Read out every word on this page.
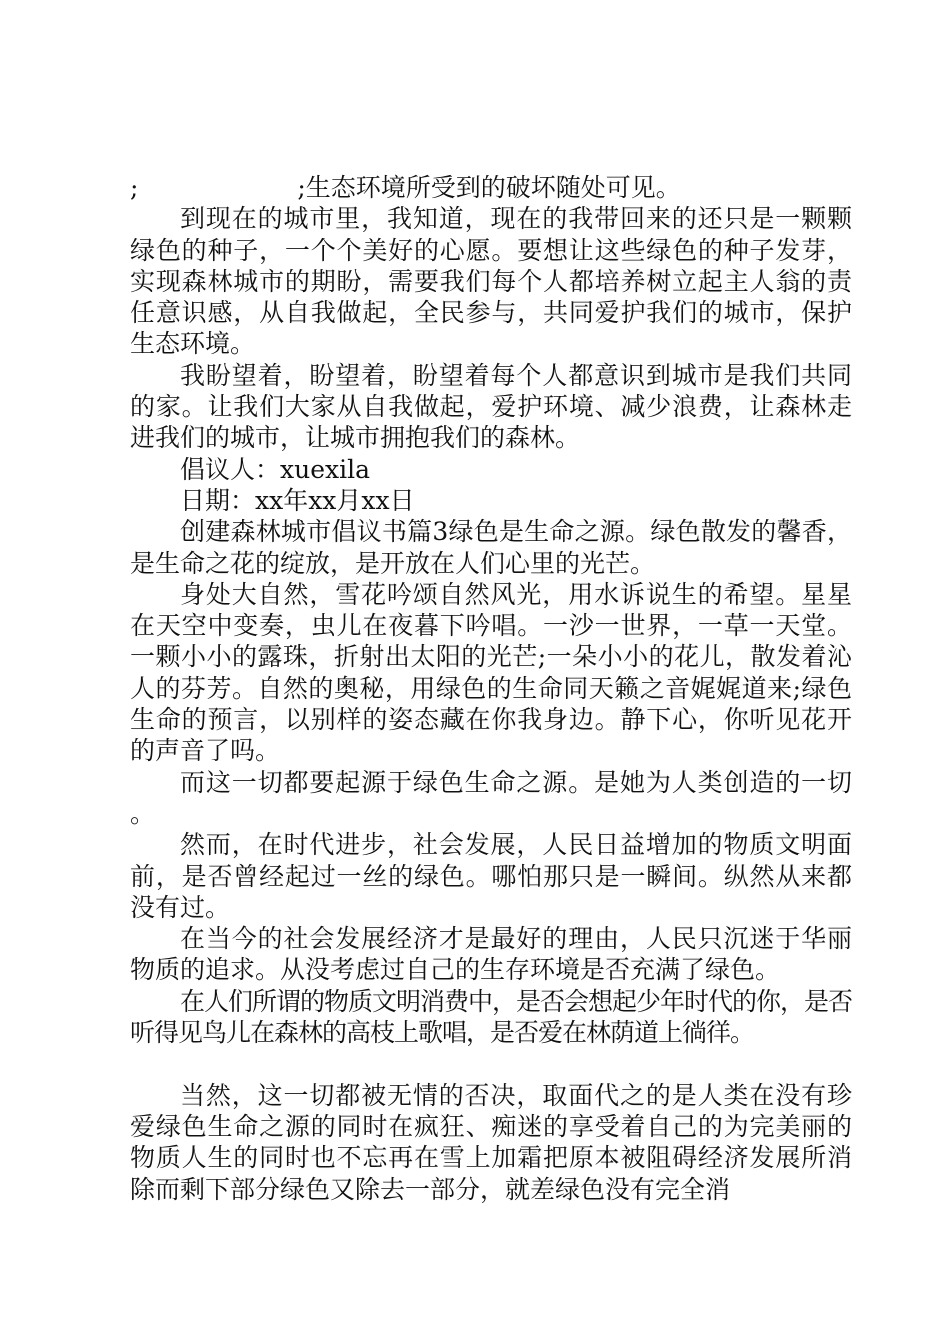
;                    ;生态环境所受到的破坏随处可见。
到现在的城市里，我知道，现在的我带回来的还只是一颗颗绿色的种子，一个个美好的心愿。要想让这些绿色的种子发芽，实现森林城市的期盼，需要我们每个人都培养树立起主人翁的责任意识感，从自我做起，全民参与，共同爱护我们的城市，保护生态环境。
我盼望着，盼望着，盼望着每个人都意识到城市是我们共同的家。让我们大家从自我做起，爱护环境、减少浪费，让森林走进我们的城市，让城市拥抱我们的森林。
倡议人：xuexila
日期：xx年xx月xx日
创建森林城市倡议书篇3绿色是生命之源。绿色散发的馨香，是生命之花的绽放，是开放在人们心里的光芒。
身处大自然，雪花吟颂自然风光，用水诉说生的希望。星星在天空中变奏，虫儿在夜暮下吟唱。一沙一世界，一草一天堂。一颗小小的露珠，折射出太阳的光芒;一朵小小的花儿，散发着沁人的芬芳。自然的奥秘，用绿色的生命同天籁之音娓娓道来;绿色生命的预言，以别样的姿态藏在你我身边。静下心，你听见花开的声音了吗。
而这一切都要起源于绿色生命之源。是她为人类创造的一切。
然而，在时代进步，社会发展，人民日益增加的物质文明面前，是否曾经起过一丝的绿色。哪怕那只是一瞬间。纵然从来都没有过。
在当今的社会发展经济才是最好的理由，人民只沉迷于华丽物质的追求。从没考虑过自己的生存环境是否充满了绿色。
在人们所谓的物质文明消费中，是否会想起少年时代的你，是否听得见鸟儿在森林的高枝上歌唱，是否爱在林荫道上徜徉。
当然，这一切都被无情的否决，取面代之的是人类在没有珍爱绿色生命之源的同时在疯狂、痴迷的享受着自己的为完美丽的物质人生的同时也不忘再在雪上加霜把原本被阻碍经济发展所消除而剩下部分绿色又除去一部分，就差绿色没有完全消
